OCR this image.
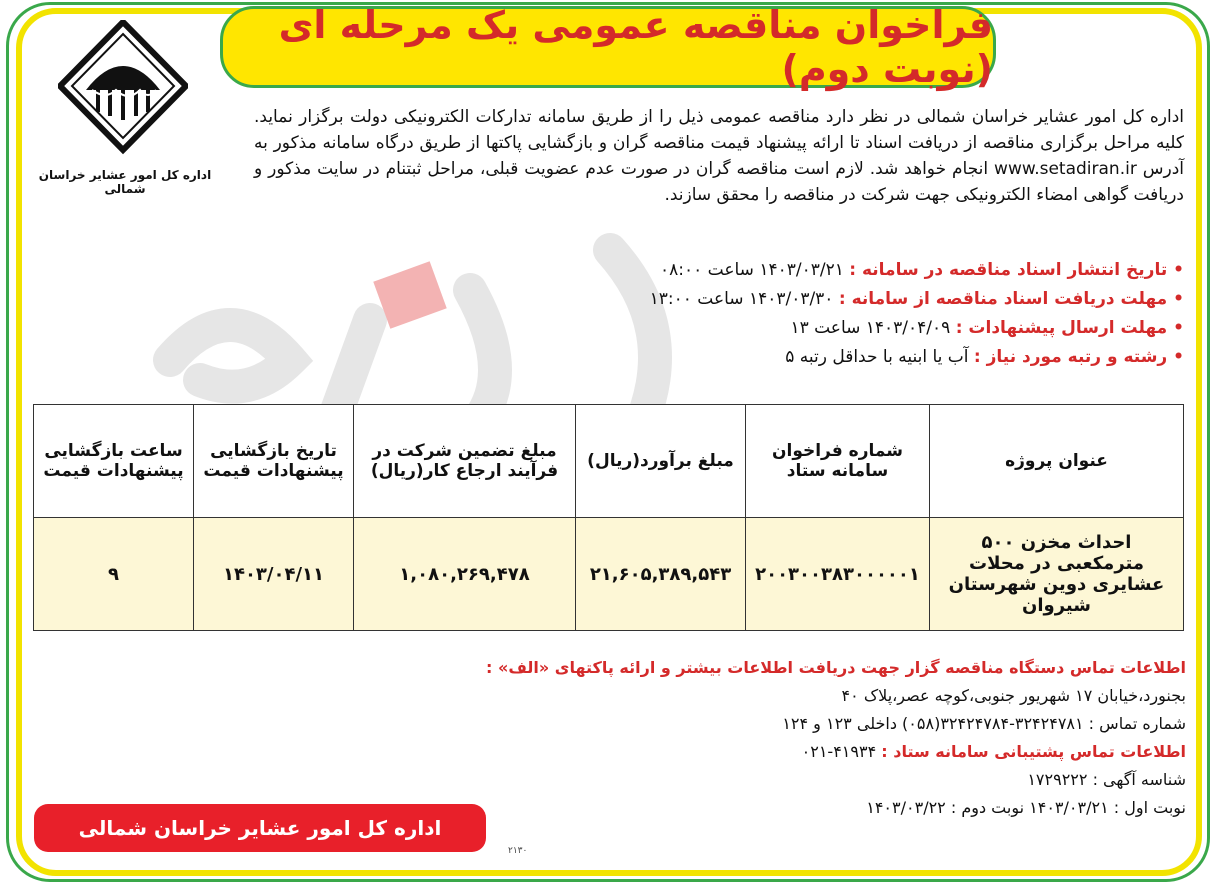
فراخوان مناقصه عمومی یک مرحله ای (نوبت دوم)
اداره کل امور عشایر خراسان شمالی
اداره کل امور عشایر خراسان شمالی در نظر دارد مناقصه عمومی ذیل را از طریق سامانه تدارکات الکترونیکی دولت برگزار نماید. کلیه مراحل برگزاری مناقصه از دریافت اسناد تا ارائه پیشنهاد قیمت مناقصه گران و بازگشایی پاکتها از طریق درگاه سامانه مذکور به آدرس www.setadiran.ir انجام خواهد شد. لازم است مناقصه گران در صورت عدم عضویت قبلی، مراحل ثبتنام در سایت مذکور و دریافت گواهی امضاء الکترونیکی جهت شرکت در مناقصه را محقق سازند.
• تاریخ انتشار اسناد مناقصه در سامانه : ۱۴۰۳/۰۳/۲۱ ساعت ۰۸:۰۰
• مهلت دریافت اسناد مناقصه از سامانه : ۱۴۰۳/۰۳/۳۰ ساعت ۱۳:۰۰
• مهلت ارسال پیشنهادات : ۱۴۰۳/۰۴/۰۹ ساعت ۱۳
• رشته و رتبه مورد نیاز : آب یا ابنیه با حداقل رتبه ۵
عنوان پروژه	شماره فراخوان سامانه ستاد	مبلغ برآورد(ریال)	مبلغ تضمین شرکت در فرآیند ارجاع کار(ریال)	تاریخ بازگشایی پیشنهادات قیمت	ساعت بازگشایی پیشنهادات قیمت
احداث مخزن ۵۰۰ مترمکعبی در محلات عشایری دوین شهرستان شیروان	۲۰۰۳۰۰۳۸۳۰۰۰۰۰۱	۲۱,۶۰۵,۳۸۹,۵۴۳	۱,۰۸۰,۲۶۹,۴۷۸	۱۴۰۳/۰۴/۱۱	۹
اطلاعات تماس دستگاه مناقصه گزار جهت دریافت اطلاعات بیشتر و ارائه پاکتهای «الف» :
بجنورد،خیابان ۱۷ شهریور جنوبی،کوچه عصر،پلاک ۴۰
شماره تماس : ۳۲۴۲۴۷۸۱-۳۲۴۲۴۷۸۴(۰۵۸) داخلی ۱۲۳ و ۱۲۴
اطلاعات تماس پشتیبانی سامانه ستاد : ۴۱۹۳۴-۰۲۱
شناسه آگهی : ۱۷۲۹۲۲۲
نوبت اول : ۱۴۰۳/۰۳/۲۱ نوبت دوم : ۱۴۰۳/۰۳/۲۲
اداره کل امور عشایر خراسان شمالی
۲۱۳۰
